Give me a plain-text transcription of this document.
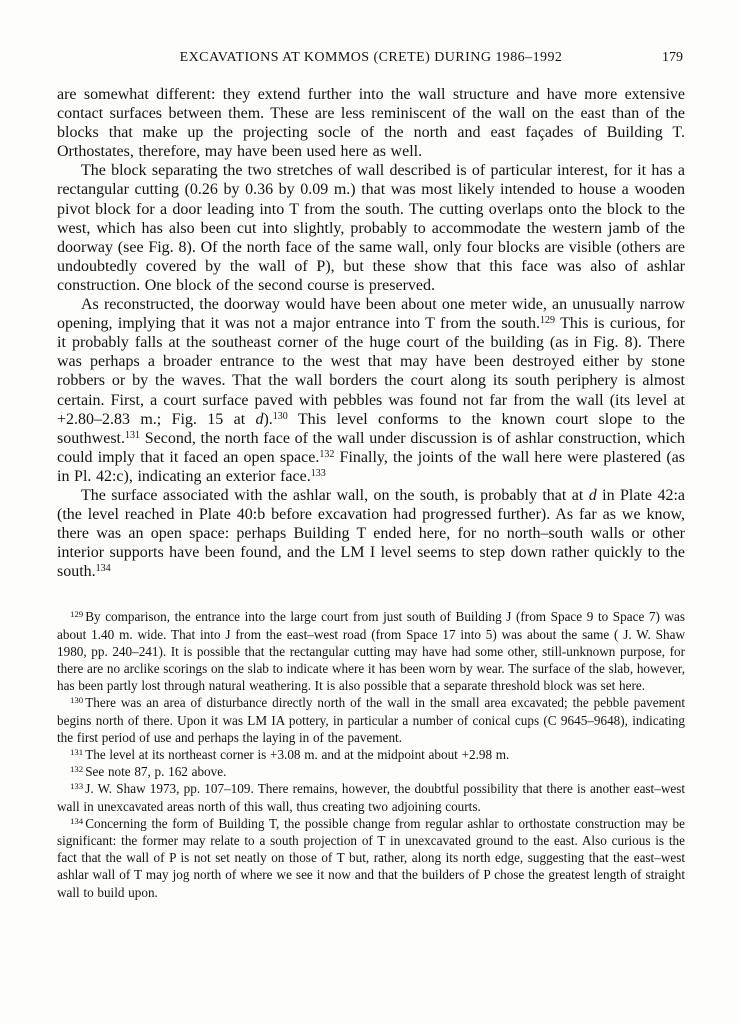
EXCAVATIONS AT KOMMOS (CRETE) DURING 1986–1992	179

are somewhat different: they extend further into the wall structure and have more extensive contact surfaces between them. These are less reminiscent of the wall on the east than of the blocks that make up the projecting socle of the north and east façades of Building T. Orthostates, therefore, may have been used here as well.

The block separating the two stretches of wall described is of particular interest, for it has a rectangular cutting (0.26 by 0.36 by 0.09 m.) that was most likely intended to house a wooden pivot block for a door leading into T from the south. The cutting overlaps onto the block to the west, which has also been cut into slightly, probably to accommodate the western jamb of the doorway (see Fig. 8). Of the north face of the same wall, only four blocks are visible (others are undoubtedly covered by the wall of P), but these show that this face was also of ashlar construction. One block of the second course is preserved.

As reconstructed, the doorway would have been about one meter wide, an unusually narrow opening, implying that it was not a major entrance into T from the south.$^{129}$ This is curious, for it probably falls at the southeast corner of the huge court of the building (as in Fig. 8). There was perhaps a broader entrance to the west that may have been destroyed either by stone robbers or by the waves. That the wall borders the court along its south periphery is almost certain. First, a court surface paved with pebbles was found not far from the wall (its level at +2.80–2.83 m.; Fig. 15 at d).$^{130}$ This level conforms to the known court slope to the southwest.$^{131}$ Second, the north face of the wall under discussion is of ashlar construction, which could imply that it faced an open space.$^{132}$ Finally, the joints of the wall here were plastered (as in Pl. 42:c), indicating an exterior face.$^{133}$

The surface associated with the ashlar wall, on the south, is probably that at d in Plate 42:a (the level reached in Plate 40:b before excavation had progressed further). As far as we know, there was an open space: perhaps Building T ended here, for no north–south walls or other interior supports have been found, and the LM I level seems to step down rather quickly to the south.$^{134}$

$^{129}$ By comparison, the entrance into the large court from just south of Building J (from Space 9 to Space 7) was about 1.40 m. wide. That into J from the east–west road (from Space 17 into 5) was about the same ( J. W. Shaw 1980, pp. 240–241). It is possible that the rectangular cutting may have had some other, still-unknown purpose, for there are no arclike scorings on the slab to indicate where it has been worn by wear. The surface of the slab, however, has been partly lost through natural weathering. It is also possible that a separate threshold block was set here.

$^{130}$ There was an area of disturbance directly north of the wall in the small area excavated; the pebble pavement begins north of there. Upon it was LM IA pottery, in particular a number of conical cups (C 9645–9648), indicating the first period of use and perhaps the laying in of the pavement.

$^{131}$ The level at its northeast corner is +3.08 m. and at the midpoint about +2.98 m.

$^{132}$ See note 87, p. 162 above.

$^{133}$ J. W. Shaw 1973, pp. 107–109. There remains, however, the doubtful possibility that there is another east–west wall in unexcavated areas north of this wall, thus creating two adjoining courts.

$^{134}$ Concerning the form of Building T, the possible change from regular ashlar to orthostate construction may be significant: the former may relate to a south projection of T in unexcavated ground to the east. Also curious is the fact that the wall of P is not set neatly on those of T but, rather, along its north edge, suggesting that the east–west ashlar wall of T may jog north of where we see it now and that the builders of P chose the greatest length of straight wall to build upon.
